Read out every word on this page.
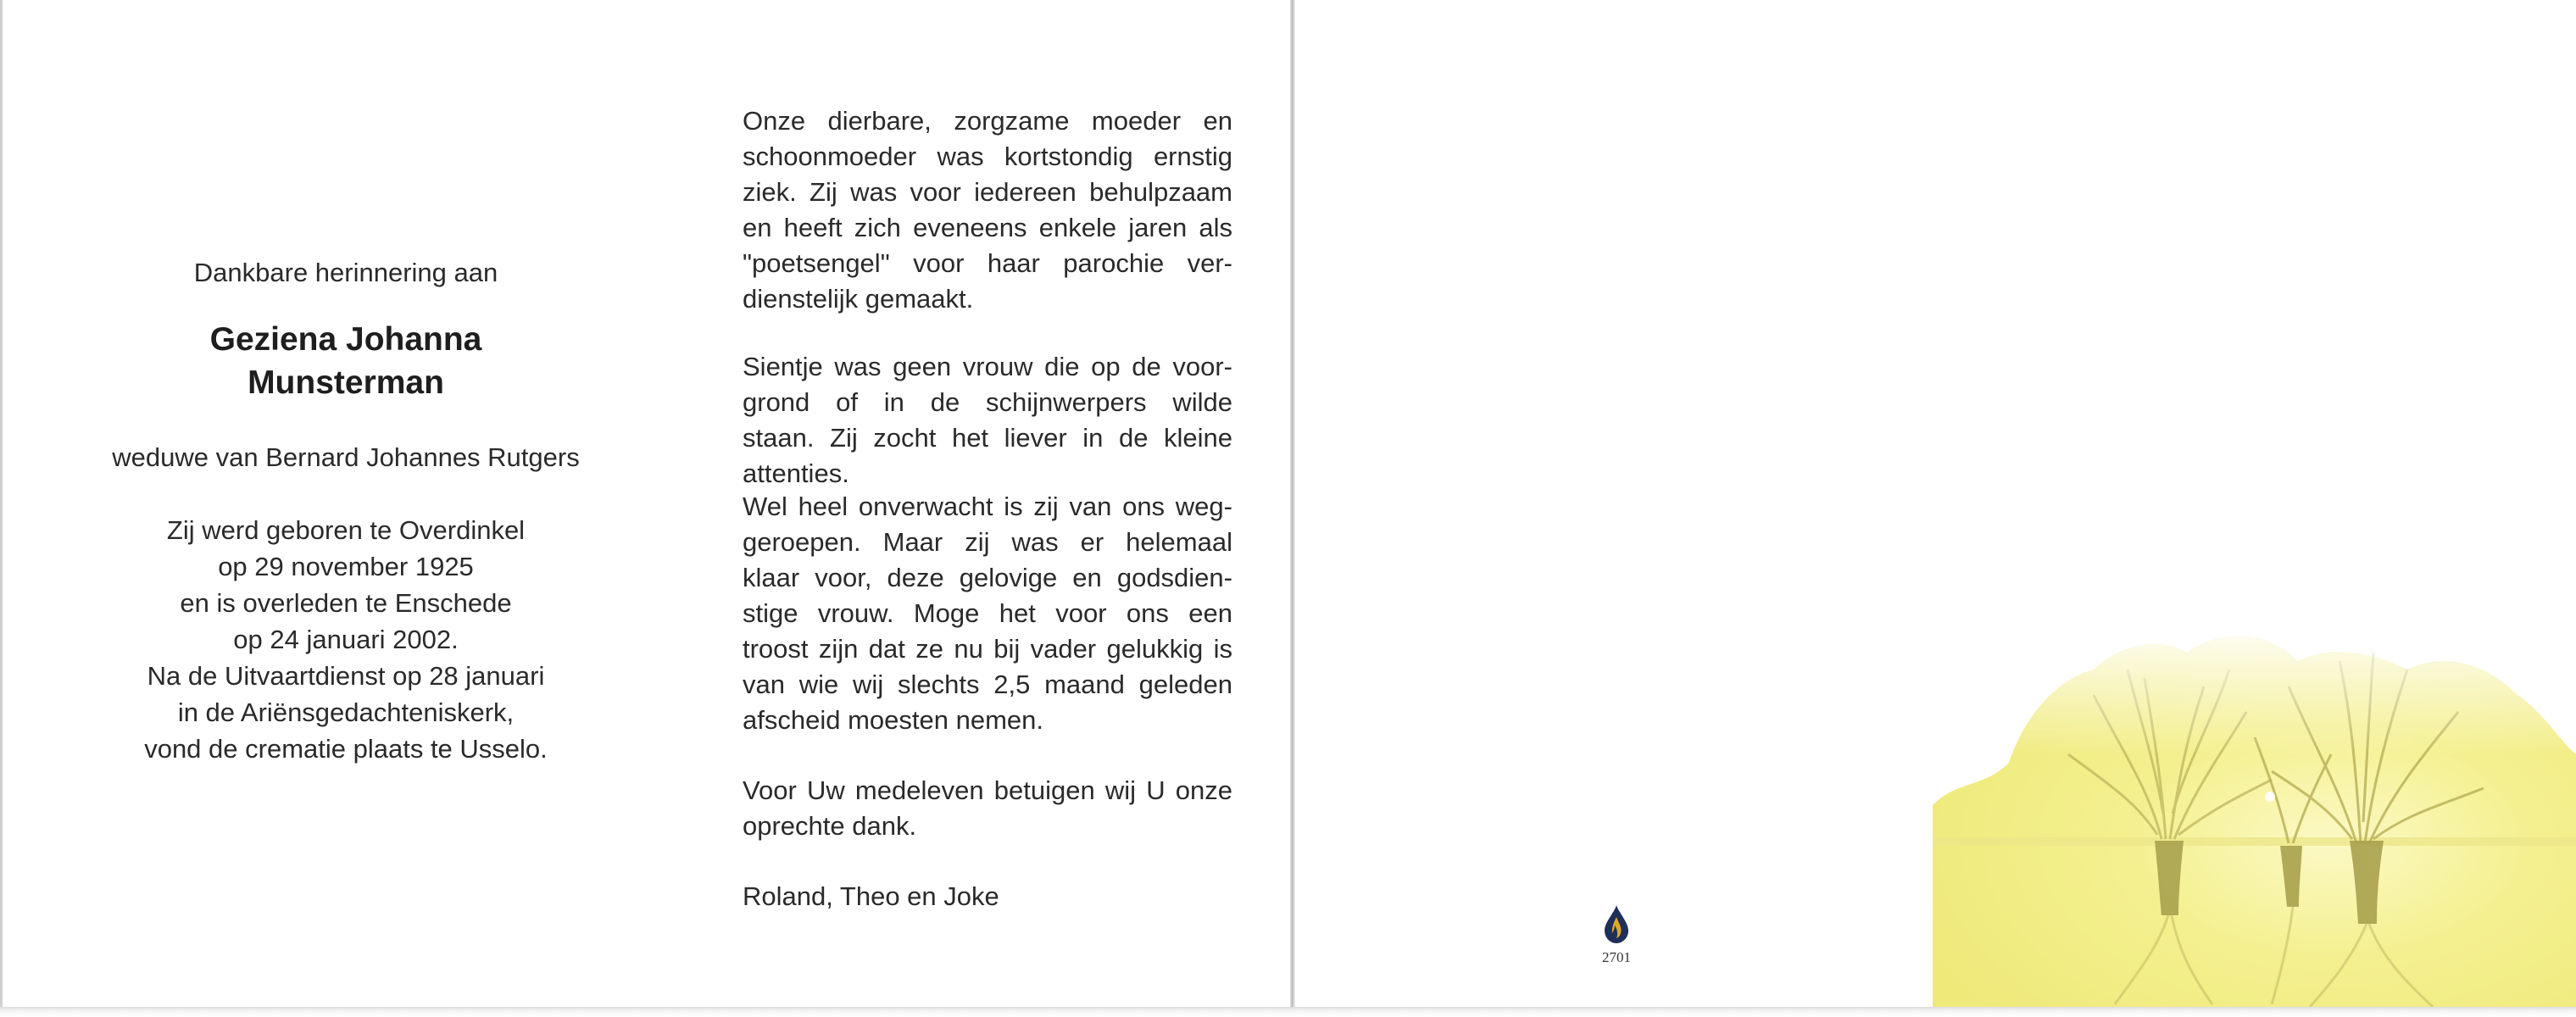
Dankbare herinnering aan
Geziena Johanna
Munsterman
weduwe van Bernard Johannes Rutgers
Zij werd geboren te Overdinkel
op 29 november 1925
en is overleden te Enschede
op 24 januari 2002.
Na de Uitvaartdienst op 28 januari
in de Ariënsgedachteniskerk,
vond de crematie plaats te Usselo.
Onze dierbare, zorgzame moeder en
schoonmoeder was kortstondig ernstig
ziek. Zij was voor iedereen behulpzaam
en heeft zich eveneens enkele jaren als
"poetsengel" voor haar parochie ver-
dienstelijk gemaakt.
Sientje was geen vrouw die op de voor-
grond of in de schijnwerpers wilde
staan. Zij zocht het liever in de kleine
attenties.
Wel heel onverwacht is zij van ons weg-
geroepen. Maar zij was er helemaal
klaar voor, deze gelovige en godsdien-
stige vrouw. Moge het voor ons een
troost zijn dat ze nu bij vader gelukkig is
van wie wij slechts 2,5 maand geleden
afscheid moesten nemen.
Voor Uw medeleven betuigen wij U onze
oprechte dank.
Roland, Theo en Joke
2701
